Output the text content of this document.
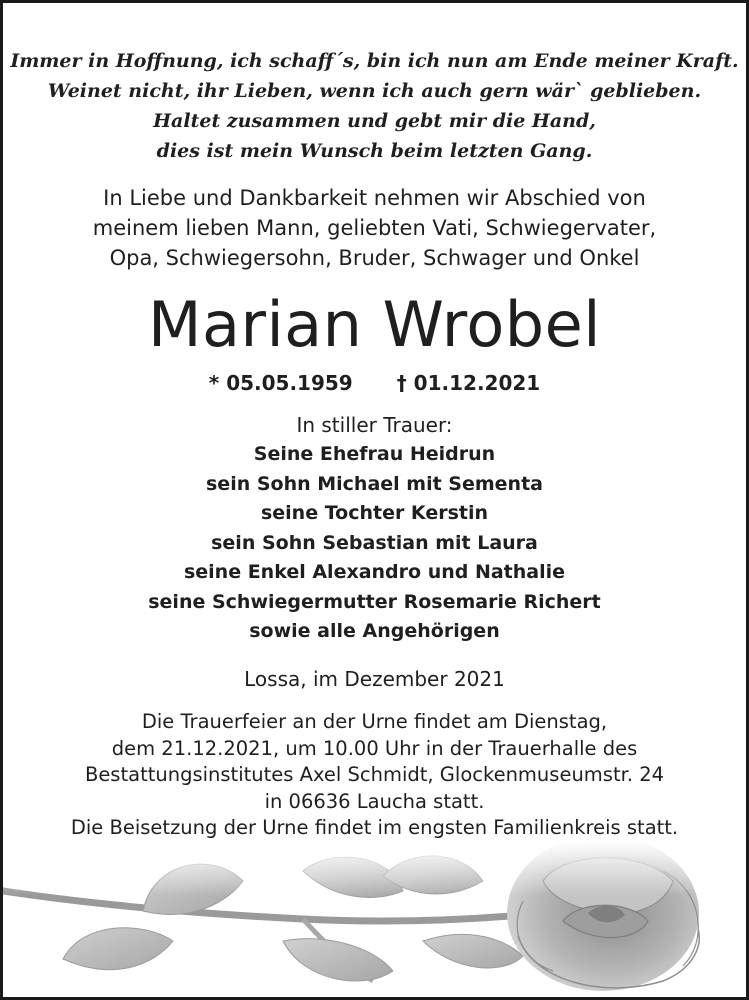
Immer in Hoffnung, ich schaff´s, bin ich nun am Ende meiner Kraft.

Weinet nicht, ihr Lieben, wenn ich auch gern wär` geblieben.

Haltet zusammen und gebt mir die Hand,

dies ist mein Wunsch beim letzten Gang.

In Liebe und Dankbarkeit nehmen wir Abschied von

meinem lieben Mann, geliebten Vati, Schwiegervater,

Opa, Schwiegersohn, Bruder, Schwager und Onkel

Marian Wrobel

* 05.05.1959 † 01.12.2021

In stiller Trauer:

Seine Ehefrau Heidrun

sein Sohn Michael mit Sementa

seine Tochter Kerstin

sein Sohn Sebastian mit Laura

seine Enkel Alexandro und Nathalie

seine Schwiegermutter Rosemarie Richert

sowie alle Angehörigen

Lossa, im Dezember 2021

Die Trauerfeier an der Urne findet am Dienstag,

dem 21.12.2021, um 10.00 Uhr in der Trauerhalle des

Bestattungsinstitutes Axel Schmidt, Glockenmuseumstr. 24

in 06636 Laucha statt.

Die Beisetzung der Urne findet im engsten Familienkreis statt.
